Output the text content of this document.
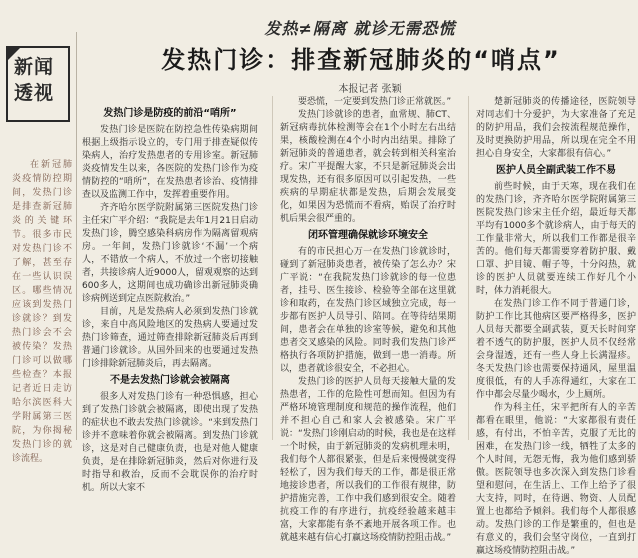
新闻
透视
在新冠肺炎疫情防控期间，发热门诊是排查新冠肺炎的关键环节。很多市民对发热门诊不了解，甚至存在一些认识误区。哪些情况应该到发热门诊就诊？到发热门诊会不会被传染？发热门诊可以做哪些检查？本报记者近日走访哈尔滨医科大学附属第三医院，为你揭秘发热门诊的就诊流程。
发热≠隔离 就诊无需恐慌
发热门诊：排查新冠肺炎的“哨点”
本报记者 张颖
发热门诊是防疫的前沿“哨所”

发热门诊是医院在防控急性传染病期间根据上级指示设立的，专门用于排查疑似传染病人，治疗发热患者的专用诊室。新冠肺炎疫情发生以来，各医院的发热门诊作为疫情防控的“哨所”，在发热患者诊治、疫情排查以及监测工作中，发挥着重要作用。

齐齐哈尔医学院附属第三医院发热门诊主任宋广平介绍：“我院是去年1月21日启动发热门诊，腾空感染科病房作为隔离留观病房。一年间，发热门诊就诊‘不漏’一个病人，不错放一个病人，不放过一个密切接触者，共接诊病人近9000人，留观观察的达到600多人，这期间也成功确诊出新冠肺炎确诊病例送到定点医院救治。”

目前，凡是发热病人必须到发热门诊就诊，来自中高风险地区的发热病人要通过发热门诊筛查，通过筛查排除新冠肺炎后再到普通门诊就诊。从国外回来的也要通过发热门诊排除新冠肺炎后，再去隔离。

不是去发热门诊就会被隔离

很多人对发热门诊有一种恐惧感，担心到了发热门诊就会被隔离，即使出现了发热的症状也不敢去发热门诊就诊。“来到发热门诊并不意味着你就会被隔离。到发热门诊就诊，这是对自己健康负责，也是对他人健康负责，是在排除新冠肺炎，然后对你进行及时指导和救治，反而不会耽误你的治疗时机。所以大家不

要恐慌，一定要到发热门诊正常就医。”

发热门诊就诊的患者，血常规、肺CT、新冠病毒抗体检测等会在1个小时左右出结果，核酸检测在4个小时内出结果。排除了新冠肺炎的普通患者，就会转到相关科室治疗。宋广平提醒大家，不只是新冠肺炎会出现发热，还有很多原因可以引起发热，一些疾病的早期症状都是发热，后期会发展变化，如果因为恐慌而不看病，贻误了治疗时机后果会很严重的。

闭环管理确保就诊环境安全

有的市民担心万一在发热门诊就诊时，碰到了新冠肺炎患者，被传染了怎么办？宋广平说：“在我院发热门诊就诊的每一位患者，挂号、医生接诊、检验等全部在这里就诊和取药，在发热门诊区域独立完成，每一步都有医护人员导引、陪同。在等待结果期间，患者会在单独的诊室等候，避免和其他患者交叉感染的风险。同时我们发热门诊严格执行各项防护措施，做到一患一消毒。所以，患者就诊很安全，不必担心。

发热门诊的医护人员每天接触大量的发热患者，工作的危险性可想而知。但因为有严格环境管理制度和规范的操作流程，他们并不担心自己和家人会被感染。宋广平说：“发热门诊刚启动的时候，我也是在这样一个时候，由于新冠肺炎的发病机理未明，我们每个人都很紧张，但是后来慢慢就变得轻松了，因为我们每天的工作，都是很正常地接诊患者，所以我们的工作很有规律，防护措施完善，工作中我们感到很安全。随着抗疫工作的有序进行，抗疫经验越来越丰富，大家都能有条不紊地开展各项工作。也就越来越有信心打赢这场疫情防控阻击战。”

楚新冠肺炎的传播途径，医院领导对同志们十分爱护，为大家准备了充足的防护用品，我们会按流程规范操作，及时更换防护用品，所以现在完全不用担心自身安全，大家都很有信心。”

医护人员全副武装工作不易

前些时候，由于天寒，现在我们在的发热门诊，齐齐哈尔医学院附属第三医院发热门诊宋主任介绍，最近每天都平均有1000多个就诊病人，由于每天的工作量非常大，所以我们工作都是很辛苦的。他们每天都需要穿着防护服、戴口罩、护目镜、帽子等，十分闷热，就诊的医护人员就要连续工作好几个小时，体力消耗很大。

在发热门诊工作不同于普通门诊，防护工作比其他病区要严格得多，医护人员每天都要全副武装，夏天长时间穿着不透气的防护服，医护人员不仅经常会身湿透，还有一些人身上长满湿疹。冬天发热门诊也需要保持通风，屋里温度很低，有的人手冻得通红，大家在工作中都会尽量少喝水，少上厕所。

作为科主任，宋平把所有人的辛苦都看在眼里，他说：“大家都很有责任感，有付出，不怕辛苦，克服了无比的困难，在发热门诊一线，牺牲了太多的个人时间，无怨无悔，我为他们感到骄傲。医院领导也多次深入到发热门诊看望和慰问，在生活上、工作上给予了很大支持，同时，在待遇、物资、人员配置上也都给予倾斜。我们每个人都很感动。发热门诊的工作是繁重的，但也是有意义的，我们会坚守岗位，一直到打赢这场疫情防控阻击战。”
